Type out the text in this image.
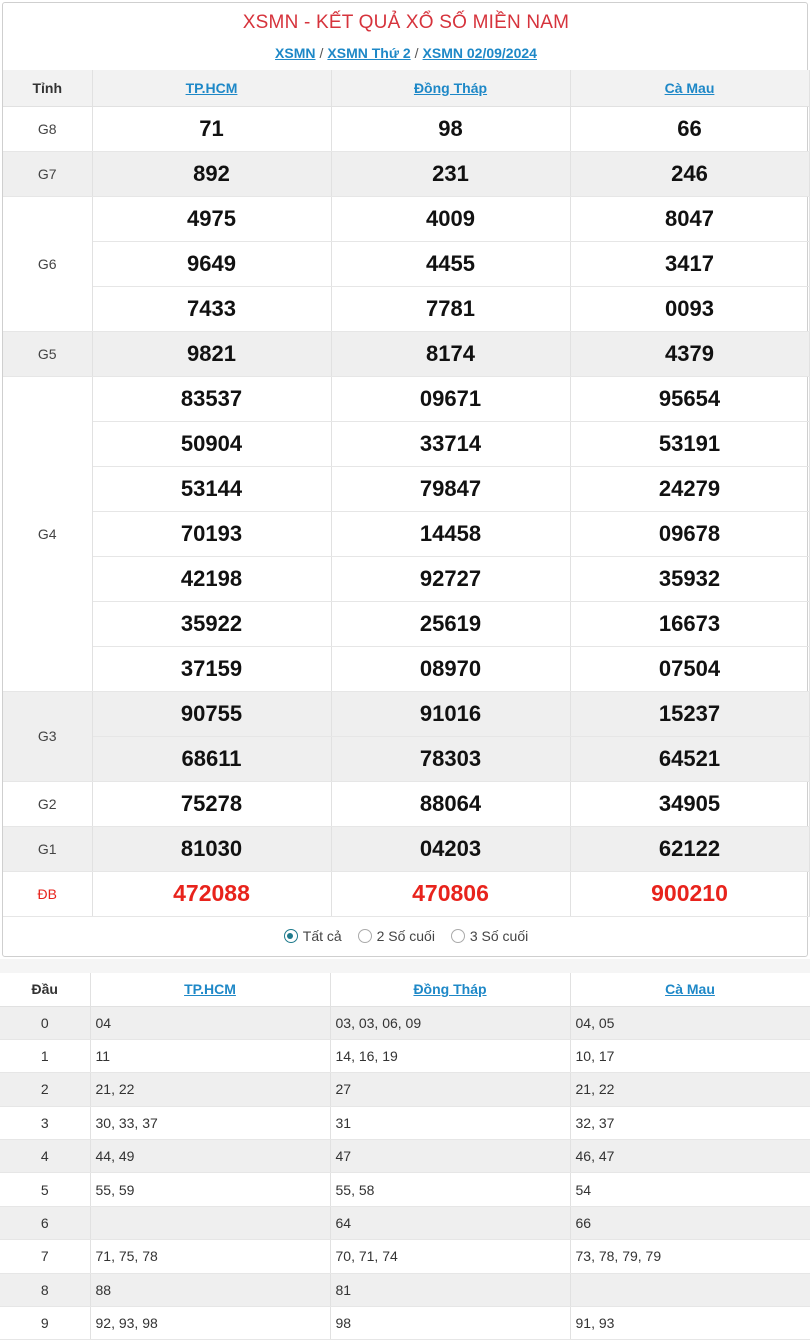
XSMN - KẾT QUẢ XỔ SỐ MIỀN NAM
XSMN / XSMN Thứ 2 / XSMN 02/09/2024
Tỉnh	TP.HCM	Đồng Tháp	Cà Mau
G8	71	98	66
G7	892	231	246
G6	4975	4009	8047
	9649	4455	3417
	7433	7781	0093
G5	9821	8174	4379
G4	83537	09671	95654
	50904	33714	53191
	53144	79847	24279
	70193	14458	09678
	42198	92727	35932
	35922	25619	16673
	37159	08970	07504
G3	90755	91016	15237
	68611	78303	64521
G2	75278	88064	34905
G1	81030	04203	62122
ĐB	472088	470806	900210
Tất cả 2 Số cuối 3 Số cuối
Đầu	TP.HCM	Đồng Tháp	Cà Mau
0	04	03, 03, 06, 09	04, 05
1	11	14, 16, 19	10, 17
2	21, 22	27	21, 22
3	30, 33, 37	31	32, 37
4	44, 49	47	46, 47
5	55, 59	55, 58	54
6		64	66
7	71, 75, 78	70, 71, 74	73, 78, 79, 79
8	88	81	
9	92, 93, 98	98	91, 93
